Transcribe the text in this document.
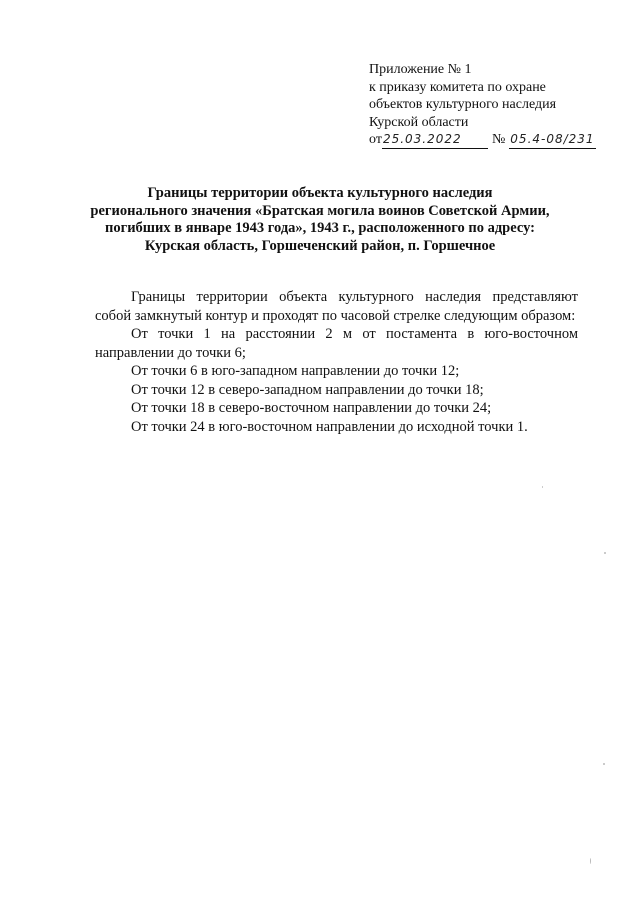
Приложение № 1
к приказу комитета по охране
объектов культурного наследия
Курской области
от25.03.2022 № 05.4-08/231
Границы территории объекта культурного наследия
регионального значения «Братская могила воинов Советской Армии,
погибших в январе 1943 года», 1943 г., расположенного по адресу:
Курская область, Горшеченский район, п. Горшечное

Границы территории объекта культурного наследия представляют собой замкнутый контур и проходят по часовой стрелке следующим образом:

От точки 1 на расстоянии 2 м от постамента в юго-восточном направлении до точки 6;

От точки 6 в юго-западном направлении до точки 12;

От точки 12 в северо-западном направлении до точки 18;

От точки 18 в северо-восточном направлении до точки 24;

От точки 24 в юго-восточном направлении до исходной точки 1.
